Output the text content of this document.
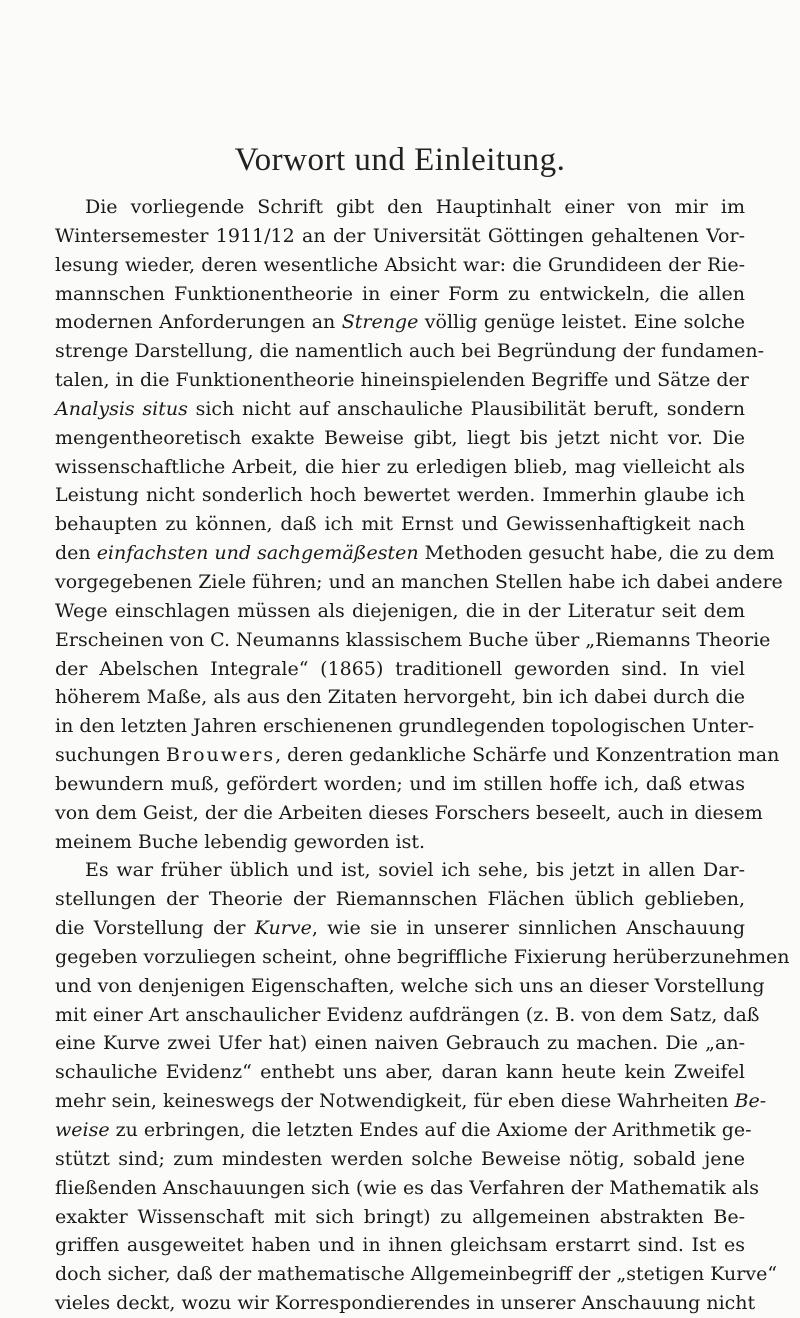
Vorwort und Einleitung.
Die vorliegende Schrift gibt den Hauptinhalt einer von mir im
Wintersemester 1911/12 an der Universität Göttingen gehaltenen Vor-
lesung wieder, deren wesentliche Absicht war: die Grundideen der Rie-
mannschen Funktionentheorie in einer Form zu entwickeln, die allen
modernen Anforderungen an Strenge völlig genüge leistet. Eine solche
strenge Darstellung, die namentlich auch bei Begründung der fundamen-
talen, in die Funktionentheorie hineinspielenden Begriffe und Sätze der
Analysis situs sich nicht auf anschauliche Plausibilität beruft, sondern
mengentheoretisch exakte Beweise gibt, liegt bis jetzt nicht vor. Die
wissenschaftliche Arbeit, die hier zu erledigen blieb, mag vielleicht als
Leistung nicht sonderlich hoch bewertet werden. Immerhin glaube ich
behaupten zu können, daß ich mit Ernst und Gewissenhaftigkeit nach
den einfachsten und sachgemäßesten Methoden gesucht habe, die zu dem
vorgegebenen Ziele führen; und an manchen Stellen habe ich dabei andere
Wege einschlagen müssen als diejenigen, die in der Literatur seit dem
Erscheinen von C. Neumanns klassischem Buche über „Riemanns Theorie
der Abelschen Integrale“ (1865) traditionell geworden sind. In viel
höherem Maße, als aus den Zitaten hervorgeht, bin ich dabei durch die
in den letzten Jahren erschienenen grundlegenden topologischen Unter-
suchungen Brouwers, deren gedankliche Schärfe und Konzentration man
bewundern muß, gefördert worden; und im stillen hoffe ich, daß etwas
von dem Geist, der die Arbeiten dieses Forschers beseelt, auch in diesem
meinem Buche lebendig geworden ist.
Es war früher üblich und ist, soviel ich sehe, bis jetzt in allen Dar-
stellungen der Theorie der Riemannschen Flächen üblich geblieben,
die Vorstellung der Kurve, wie sie in unserer sinnlichen Anschauung
gegeben vorzuliegen scheint, ohne begriffliche Fixierung herüberzunehmen
und von denjenigen Eigenschaften, welche sich uns an dieser Vorstellung
mit einer Art anschaulicher Evidenz aufdrängen (z. B. von dem Satz, daß
eine Kurve zwei Ufer hat) einen naiven Gebrauch zu machen. Die „an-
schauliche Evidenz“ enthebt uns aber, daran kann heute kein Zweifel
mehr sein, keineswegs der Notwendigkeit, für eben diese Wahrheiten Be-
weise zu erbringen, die letzten Endes auf die Axiome der Arithmetik ge-
stützt sind; zum mindesten werden solche Beweise nötig, sobald jene
fließenden Anschauungen sich (wie es das Verfahren der Mathematik als
exakter Wissenschaft mit sich bringt) zu allgemeinen abstrakten Be-
griffen ausgeweitet haben und in ihnen gleichsam erstarrt sind. Ist es
doch sicher, daß der mathematische Allgemeinbegriff der „stetigen Kurve“
vieles deckt, wozu wir Korrespondierendes in unserer Anschauung nicht
